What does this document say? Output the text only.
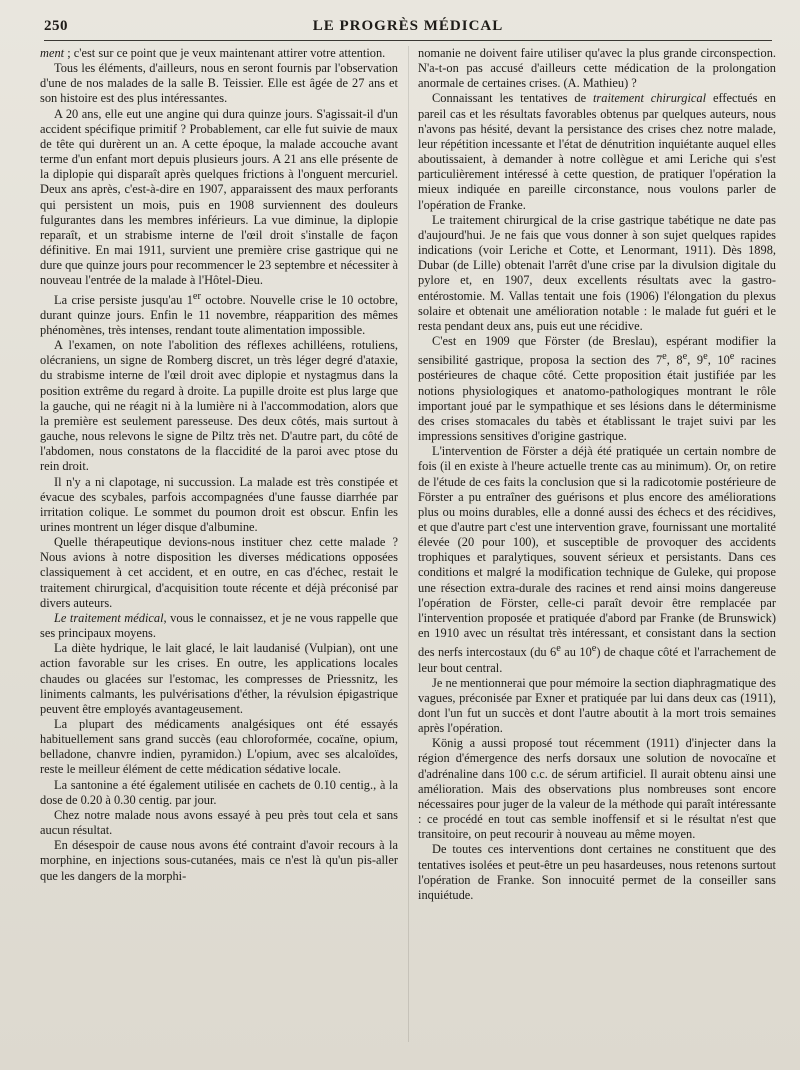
250	LE PROGRÈS MÉDICAL

ment ; c'est sur ce point que je veux maintenant attirer votre attention.

Tous les éléments, d'ailleurs, nous en seront fournis par l'observation d'une de nos malades de la salle B. Teissier. Elle est âgée de 27 ans et son histoire est des plus intéressantes.

A 20 ans, elle eut une angine qui dura quinze jours. S'agissait-il d'un accident spécifique primitif ? Probablement, car elle fut suivie de maux de tête qui durèrent un an. A cette époque, la malade accouche avant terme d'un enfant mort depuis plusieurs jours. A 21 ans elle présente de la diplopie qui disparaît après quelques frictions à l'onguent mercuriel. Deux ans après, c'est-à-dire en 1907, apparaissent des maux perforants qui persistent un mois, puis en 1908 surviennent des douleurs fulgurantes dans les membres inférieurs. La vue diminue, la diplopie reparaît, et un strabisme interne de l'œil droit s'installe de façon définitive. En mai 1911, survient une première crise gastrique qui ne dure que quinze jours pour recommencer le 23 septembre et nécessiter à nouveau l'entrée de la malade à l'Hôtel-Dieu.

La crise persiste jusqu'au 1er octobre. Nouvelle crise le 10 octobre, durant quinze jours. Enfin le 11 novembre, réapparition des mêmes phénomènes, très intenses, rendant toute alimentation impossible.

A l'examen, on note l'abolition des réflexes achilléens, rotuliens, olécraniens, un signe de Romberg discret, un très léger degré d'ataxie, du strabisme interne de l'œil droit avec diplopie et nystagmus dans la position extrême du regard à droite. La pupille droite est plus large que la gauche, qui ne réagit ni à la lumière ni à l'accommodation, alors que la première est seulement paresseuse. Des deux côtés, mais surtout à gauche, nous relevons le signe de Piltz très net. D'autre part, du côté de l'abdomen, nous constatons de la flaccidité de la paroi avec ptose du rein droit.

Il n'y a ni clapotage, ni succussion. La malade est très constipée et évacue des scybales, parfois accompagnées d'une fausse diarrhée par irritation colique. Le sommet du poumon droit est obscur. Enfin les urines montrent un léger disque d'albumine.

Quelle thérapeutique devions-nous instituer chez cette malade ? Nous avions à notre disposition les diverses médications opposées classiquement à cet accident, et en outre, en cas d'échec, restait le traitement chirurgical, d'acquisition toute récente et déjà préconisé par divers auteurs.

Le traitement médical, vous le connaissez, et je ne vous rappelle que ses principaux moyens.

La diète hydrique, le lait glacé, le lait laudanisé (Vulpian), ont une action favorable sur les crises. En outre, les applications locales chaudes ou glacées sur l'estomac, les compresses de Priessnitz, les liniments calmants, les pulvérisations d'éther, la révulsion épigastrique peuvent être employés avantageusement.

La plupart des médicaments analgésiques ont été essayés habituellement sans grand succès (eau chloroformée, cocaïne, opium, belladone, chanvre indien, pyramidon.) L'opium, avec ses alcaloïdes, reste le meilleur élément de cette médication sédative locale.

La santonine a été également utilisée en cachets de 0.10 centig., à la dose de 0.20 à 0.30 centig. par jour.

Chez notre malade nous avons essayé à peu près tout cela et sans aucun résultat.

En désespoir de cause nous avons été contraint d'avoir recours à la morphine, en injections sous-cutanées, mais ce n'est là qu'un pis-aller que les dangers de la morphi-

nomanie ne doivent faire utiliser qu'avec la plus grande circonspection. N'a-t-on pas accusé d'ailleurs cette médication de la prolongation anormale de certaines crises. (A. Mathieu) ?

Connaissant les tentatives de traitement chirurgical effectués en pareil cas et les résultats favorables obtenus par quelques auteurs, nous n'avons pas hésité, devant la persistance des crises chez notre malade, leur répétition incessante et l'état de dénutrition inquiétante auquel elles aboutissaient, à demander à notre collègue et ami Leriche qui s'est particulièrement intéressé à cette question, de pratiquer l'opération la mieux indiquée en pareille circonstance, nous voulons parler de l'opération de Franke.

Le traitement chirurgical de la crise gastrique tabétique ne date pas d'aujourd'hui. Je ne fais que vous donner à son sujet quelques rapides indications (voir Leriche et Cotte, et Lenormant, 1911). Dès 1898, Dubar (de Lille) obtenait l'arrêt d'une crise par la divulsion digitale du pylore et, en 1907, deux excellents résultats avec la gastro-entérostomie. M. Vallas tentait une fois (1906) l'élongation du plexus solaire et obtenait une amélioration notable : le malade fut guéri et le resta pendant deux ans, puis eut une récidive.

C'est en 1909 que Förster (de Breslau), espérant modifier la sensibilité gastrique, proposa la section des 7e, 8e, 9e, 10e racines postérieures de chaque côté. Cette proposition était justifiée par les notions physiologiques et anatomo-pathologiques montrant le rôle important joué par le sympathique et ses lésions dans le déterminisme des crises stomacales du tabès et établissant le trajet suivi par les impressions sensitives d'origine gastrique.

L'intervention de Förster a déjà été pratiquée un certain nombre de fois (il en existe à l'heure actuelle trente cas au minimum). Or, on retire de l'étude de ces faits la conclusion que si la radicotomie postérieure de Förster a pu entraîner des guérisons et plus encore des améliorations plus ou moins durables, elle a donné aussi des échecs et des récidives, et que d'autre part c'est une intervention grave, fournissant une mortalité élevée (20 pour 100), et susceptible de provoquer des accidents trophiques et paralytiques, souvent sérieux et persistants. Dans ces conditions et malgré la modification technique de Guleke, qui propose une résection extra-durale des racines et rend ainsi moins dangereuse l'opération de Förster, celle-ci paraît devoir être remplacée par l'intervention proposée et pratiquée d'abord par Franke (de Brunswick) en 1910 avec un résultat très intéressant, et consistant dans la section des nerfs intercostaux (du 6e au 10e) de chaque côté et l'arrachement de leur bout central.

Je ne mentionnerai que pour mémoire la section diaphragmatique des vagues, préconisée par Exner et pratiquée par lui dans deux cas (1911), dont l'un fut un succès et dont l'autre aboutit à la mort trois semaines après l'opération.

König a aussi proposé tout récemment (1911) d'injecter dans la région d'émergence des nerfs dorsaux une solution de novocaïne et d'adrénaline dans 100 c.c. de sérum artificiel. Il aurait obtenu ainsi une amélioration. Mais des observations plus nombreuses sont encore nécessaires pour juger de la valeur de la méthode qui paraît intéressante : ce procédé en tout cas semble inoffensif et si le résultat n'est que transitoire, on peut recourir à nouveau au même moyen.

De toutes ces interventions dont certaines ne constituent que des tentatives isolées et peut-être un peu hasardeuses, nous retenons surtout l'opération de Franke. Son innocuité permet de la conseiller sans inquiétude.
